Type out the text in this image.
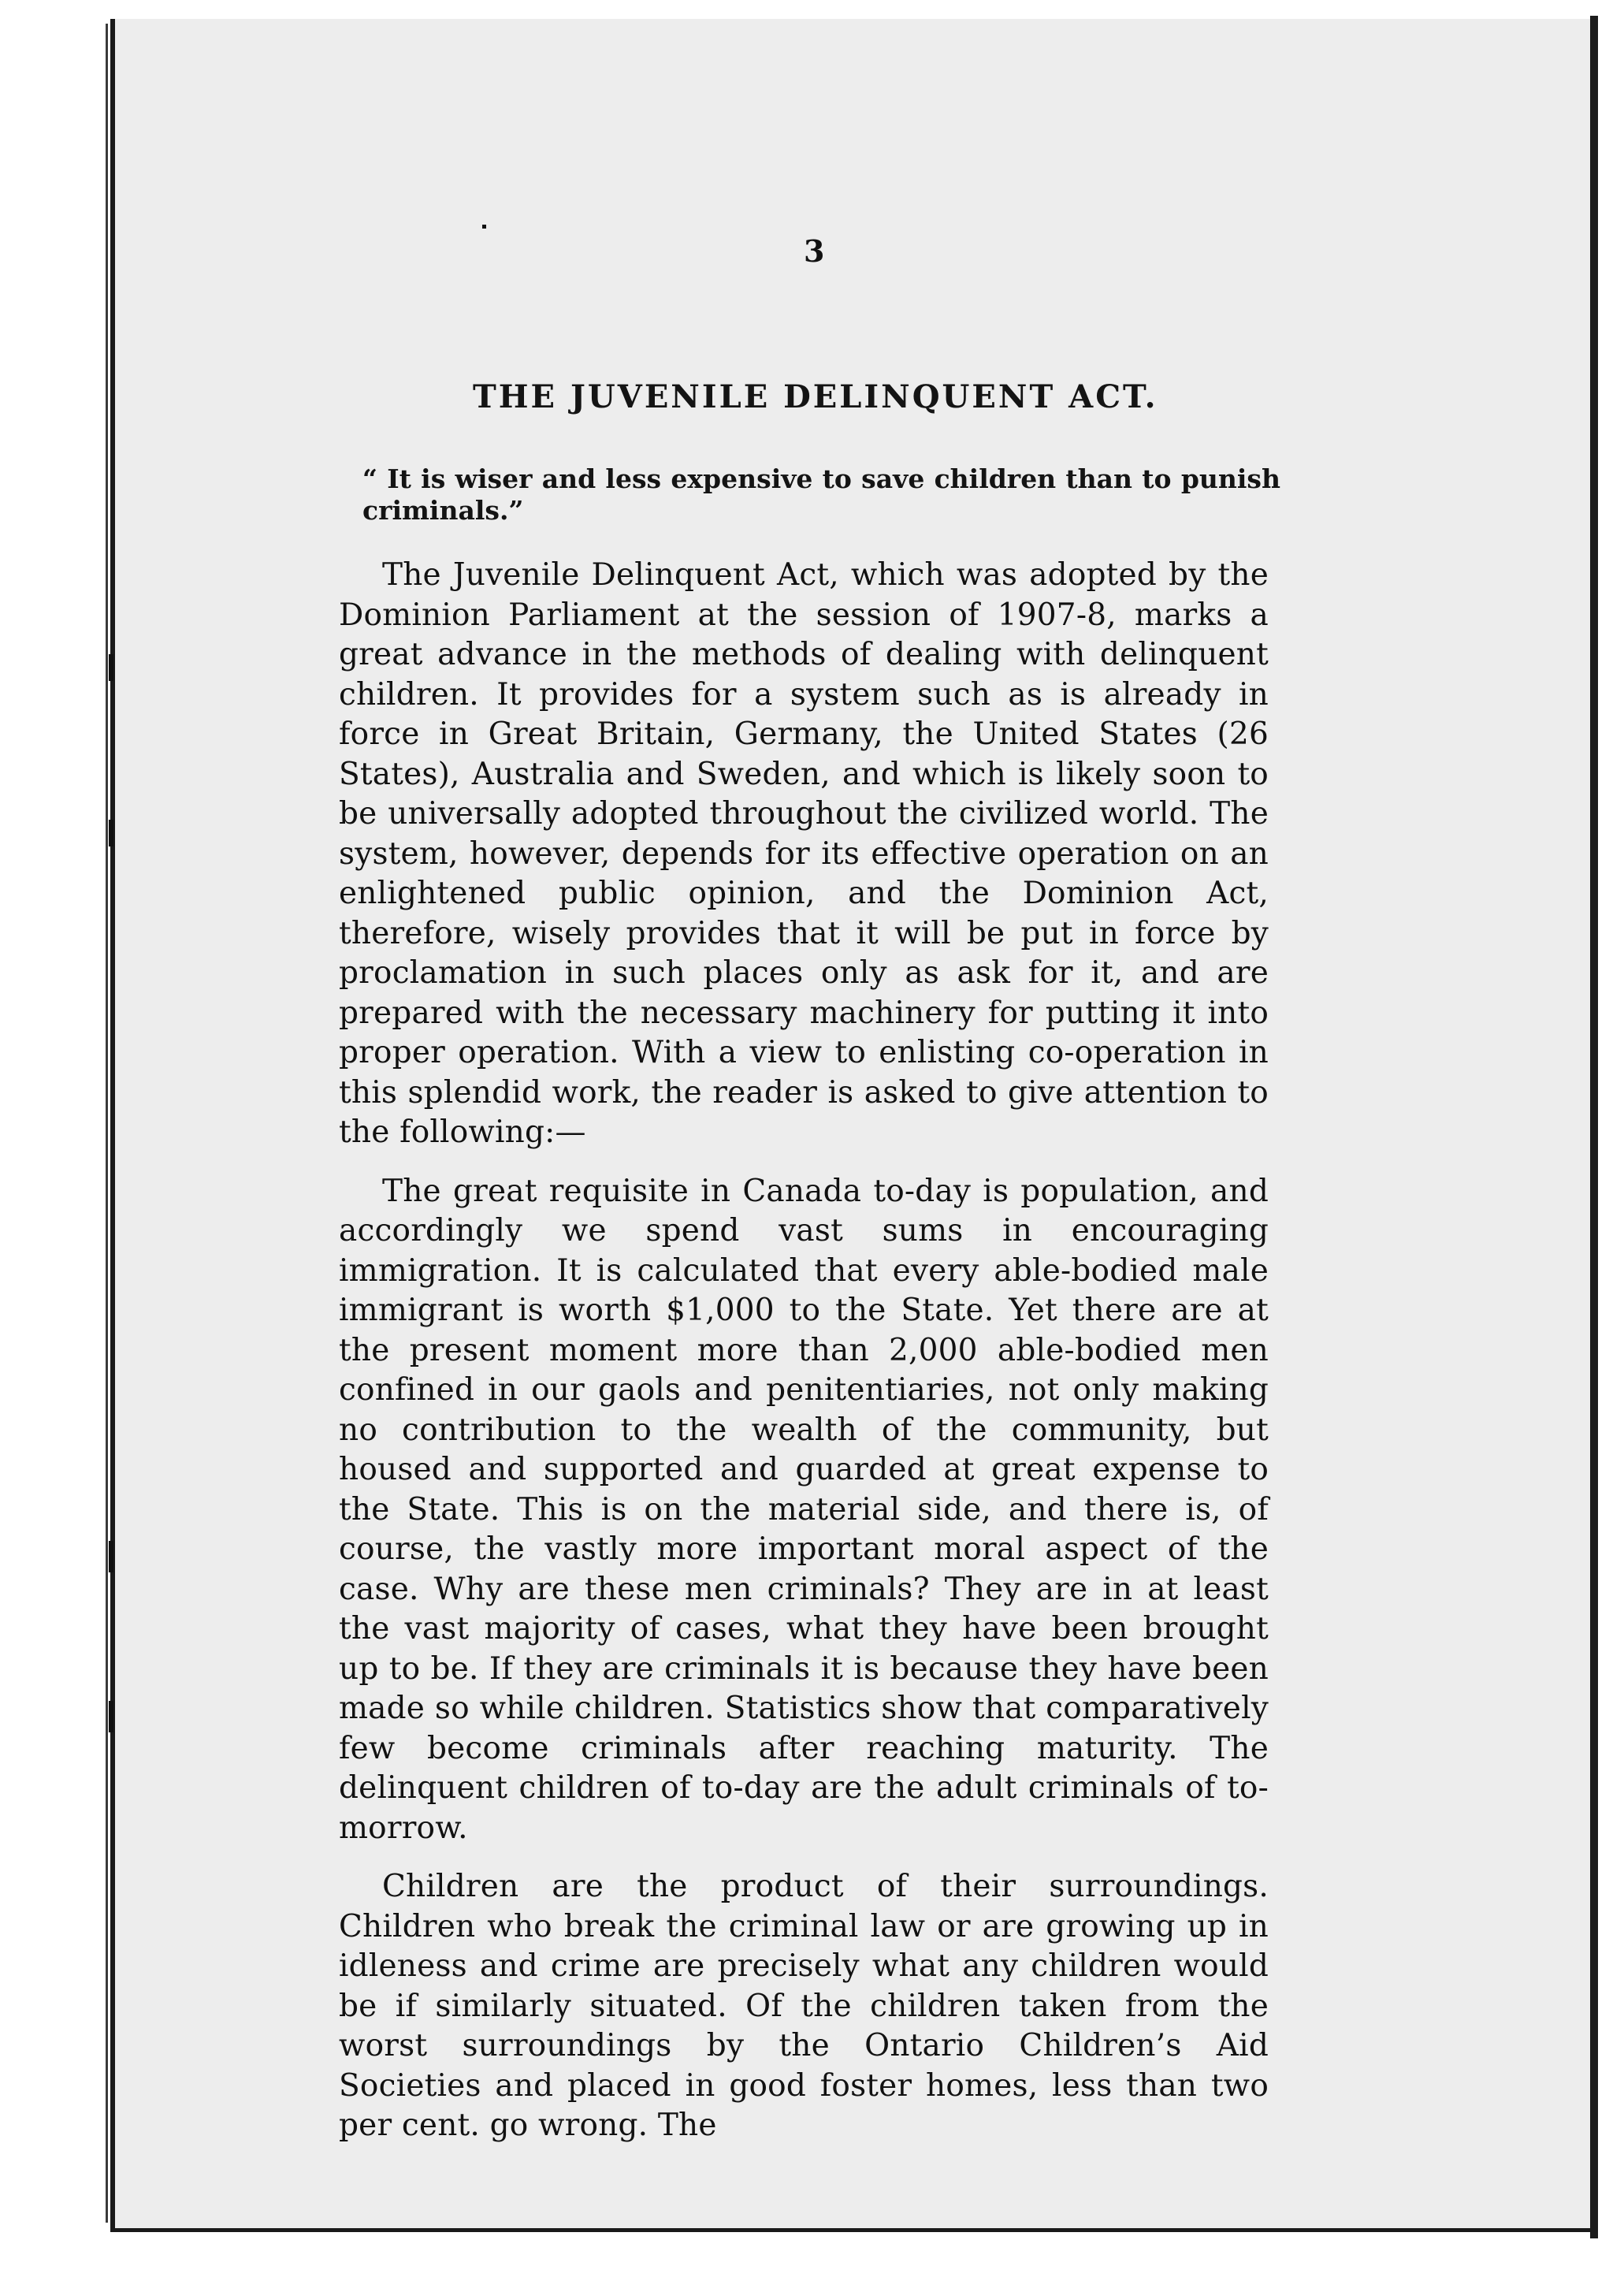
3
THE JUVENILE DELINQUENT ACT.
“ It is wiser and less expensive to save children than to punish criminals.”

The Juvenile Delinquent Act, which was adopted by the Dominion Parliament at the session of 1907-8, marks a great advance in the methods of dealing with delinquent children. It provides for a system such as is already in force in Great Britain, Germany, the United States (26 States), Australia and Sweden, and which is likely soon to be universally adopted throughout the civilized world. The system, however, depends for its effective operation on an enlightened public opinion, and the Dominion Act, therefore, wisely provides that it will be put in force by proclamation in such places only as ask for it, and are prepared with the necessary machinery for putting it into proper operation. With a view to enlisting co-operation in this splendid work, the reader is asked to give attention to the following:—

The great requisite in Canada to-day is population, and accordingly we spend vast sums in encouraging immigration. It is calculated that every able-bodied male immigrant is worth $1,000 to the State. Yet there are at the present moment more than 2,000 able-bodied men confined in our gaols and penitentiaries, not only making no contribution to the wealth of the community, but housed and supported and guarded at great expense to the State. This is on the material side, and there is, of course, the vastly more important moral aspect of the case. Why are these men criminals? They are in at least the vast majority of cases, what they have been brought up to be. If they are criminals it is because they have been made so while children. Statistics show that comparatively few become criminals after reaching maturity. The delinquent children of to-day are the adult criminals of to-morrow.

Children are the product of their surroundings. Children who break the criminal law or are growing up in idleness and crime are precisely what any children would be if similarly situated. Of the children taken from the worst surroundings by the Ontario Children’s Aid Societies and placed in good foster homes, less than two per cent. go wrong. The
